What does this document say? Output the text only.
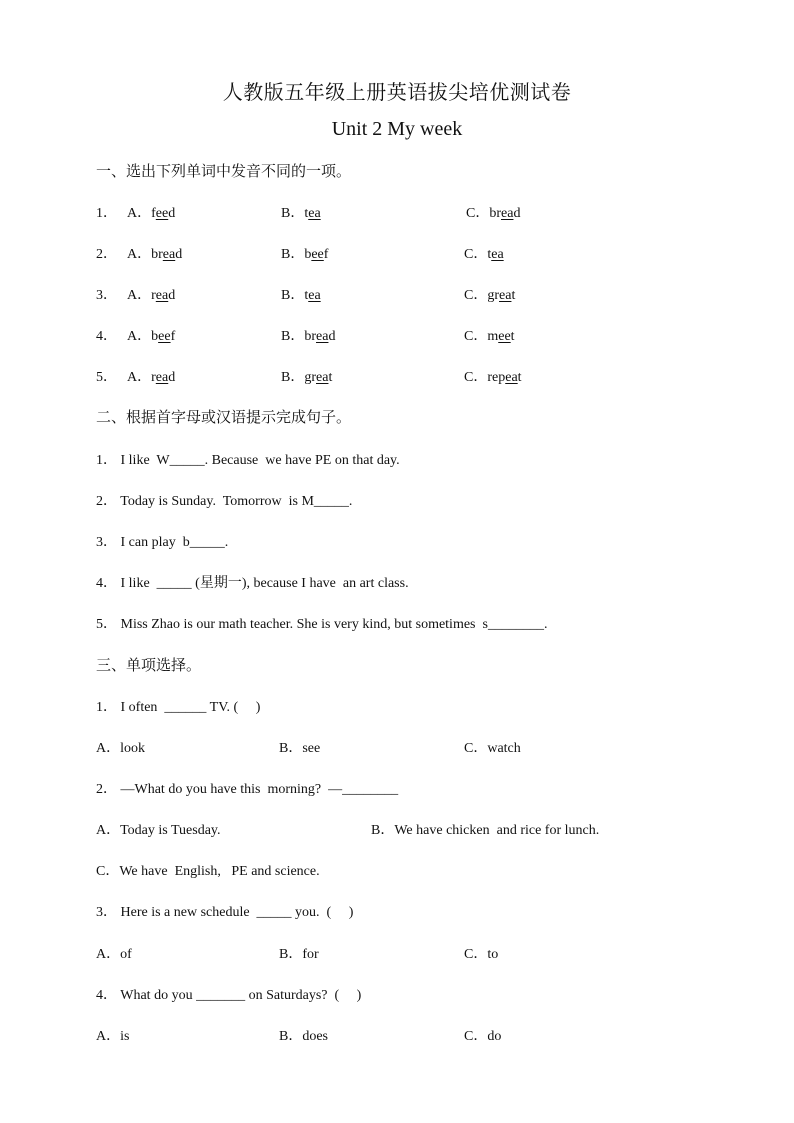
人教版五年级上册英语拔尖培优测试卷
Unit 2 My week
一、选出下列单词中发音不同的一项。
1． A．feed	B．tea	C．bread
2． A．bread	B．beef	C．tea
3． A．read	B．tea	C．great
4． A．beef	B．bread	C．meet
5． A．read	B．great	C．repeat
二、根据首字母或汉语提示完成句子。
1． I like  W_____. Because  we have PE on that day.
2． Today is Sunday.  Tomorrow  is M_____.
3． I can play  b_____.
4． I like  _____ (星期一), because I have  an art class.
5． Miss Zhao is our math teacher. She is very kind, but sometimes  s________.
三、单项选择。
1． I often  ______ TV. (     )
A．look	B．see	C．watch
2． —What do you have this  morning?  —________
A．Today is Tuesday.	B．We have chicken  and rice for lunch.
C．We have  English,   PE and science.
3． Here is a new schedule  _____ you.  (     )
A．of	B．for	C．to
4． What do you _______ on Saturdays?  (     )
A．is	B．does	C．do
